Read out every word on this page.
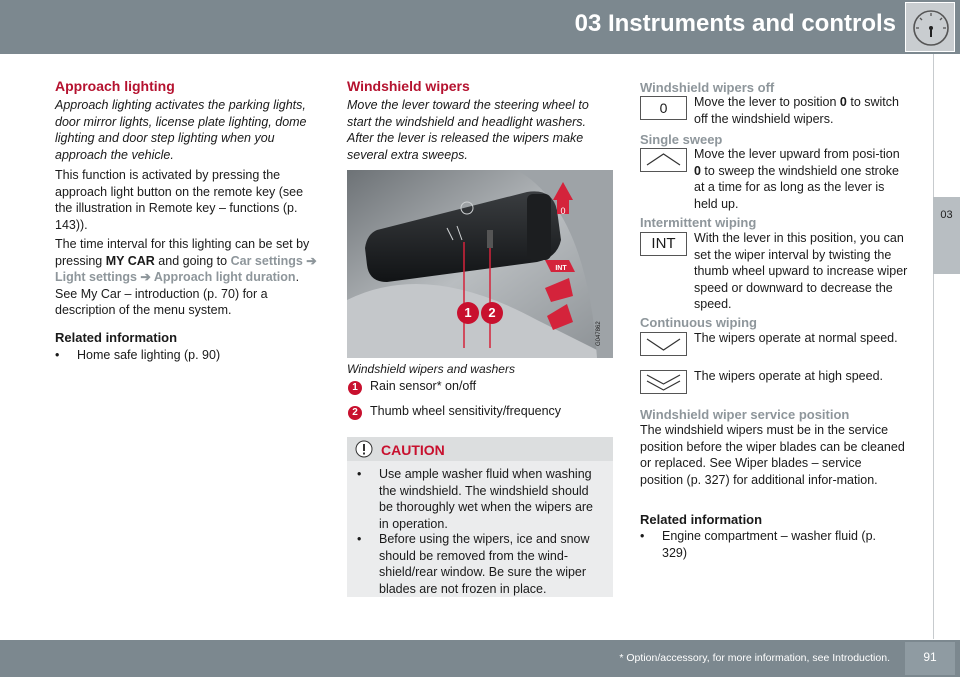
03 Instruments and controls
03
Approach lighting
Approach lighting activates the parking lights, door mirror lights, license plate lighting, dome lighting and door step lighting when you approach the vehicle.
This function is activated by pressing the approach light button on the remote key (see the illustration in Remote key – functions (p. 143)).
The time interval for this lighting can be set by pressing MY CAR and going to Car settings ➔ Light settings ➔ Approach light duration. See My Car – introduction (p. 70) for a description of the menu system.
Related information
• Home safe lighting (p. 90)
Windshield wipers
Move the lever toward the steering wheel to start the windshield and headlight washers. After the lever is released the wipers make several extra sweeps.
0
INT
G047862
1	2
Windshield wipers and washers
1 Rain sensor* on/off
2 Thumb wheel sensitivity/frequency
CAUTION
• Use ample washer fluid when washing the windshield. The windshield should be thoroughly wet when the wipers are in operation.
• Before using the wipers, ice and snow should be removed from the wind-shield/rear window. Be sure the wiper blades are not frozen in place.
Windshield wipers off
0	Move the lever to position 0 to switch off the windshield wipers.
Single sweep
Move the lever upward from posi-tion 0 to sweep the windshield one stroke at a time for as long as the lever is held up.
Intermittent wiping
INT	With the lever in this position, you can set the wiper interval by twisting the thumb wheel upward to increase wiper speed or downward to decrease the speed.
Continuous wiping
The wipers operate at normal speed.
The wipers operate at high speed.
Windshield wiper service position
The windshield wipers must be in the service position before the wiper blades can be cleaned or replaced. See Wiper blades – service position (p. 327) for additional infor-mation.
Related information
• Engine compartment – washer fluid (p. 329)
* Option/accessory, for more information, see Introduction.	91
